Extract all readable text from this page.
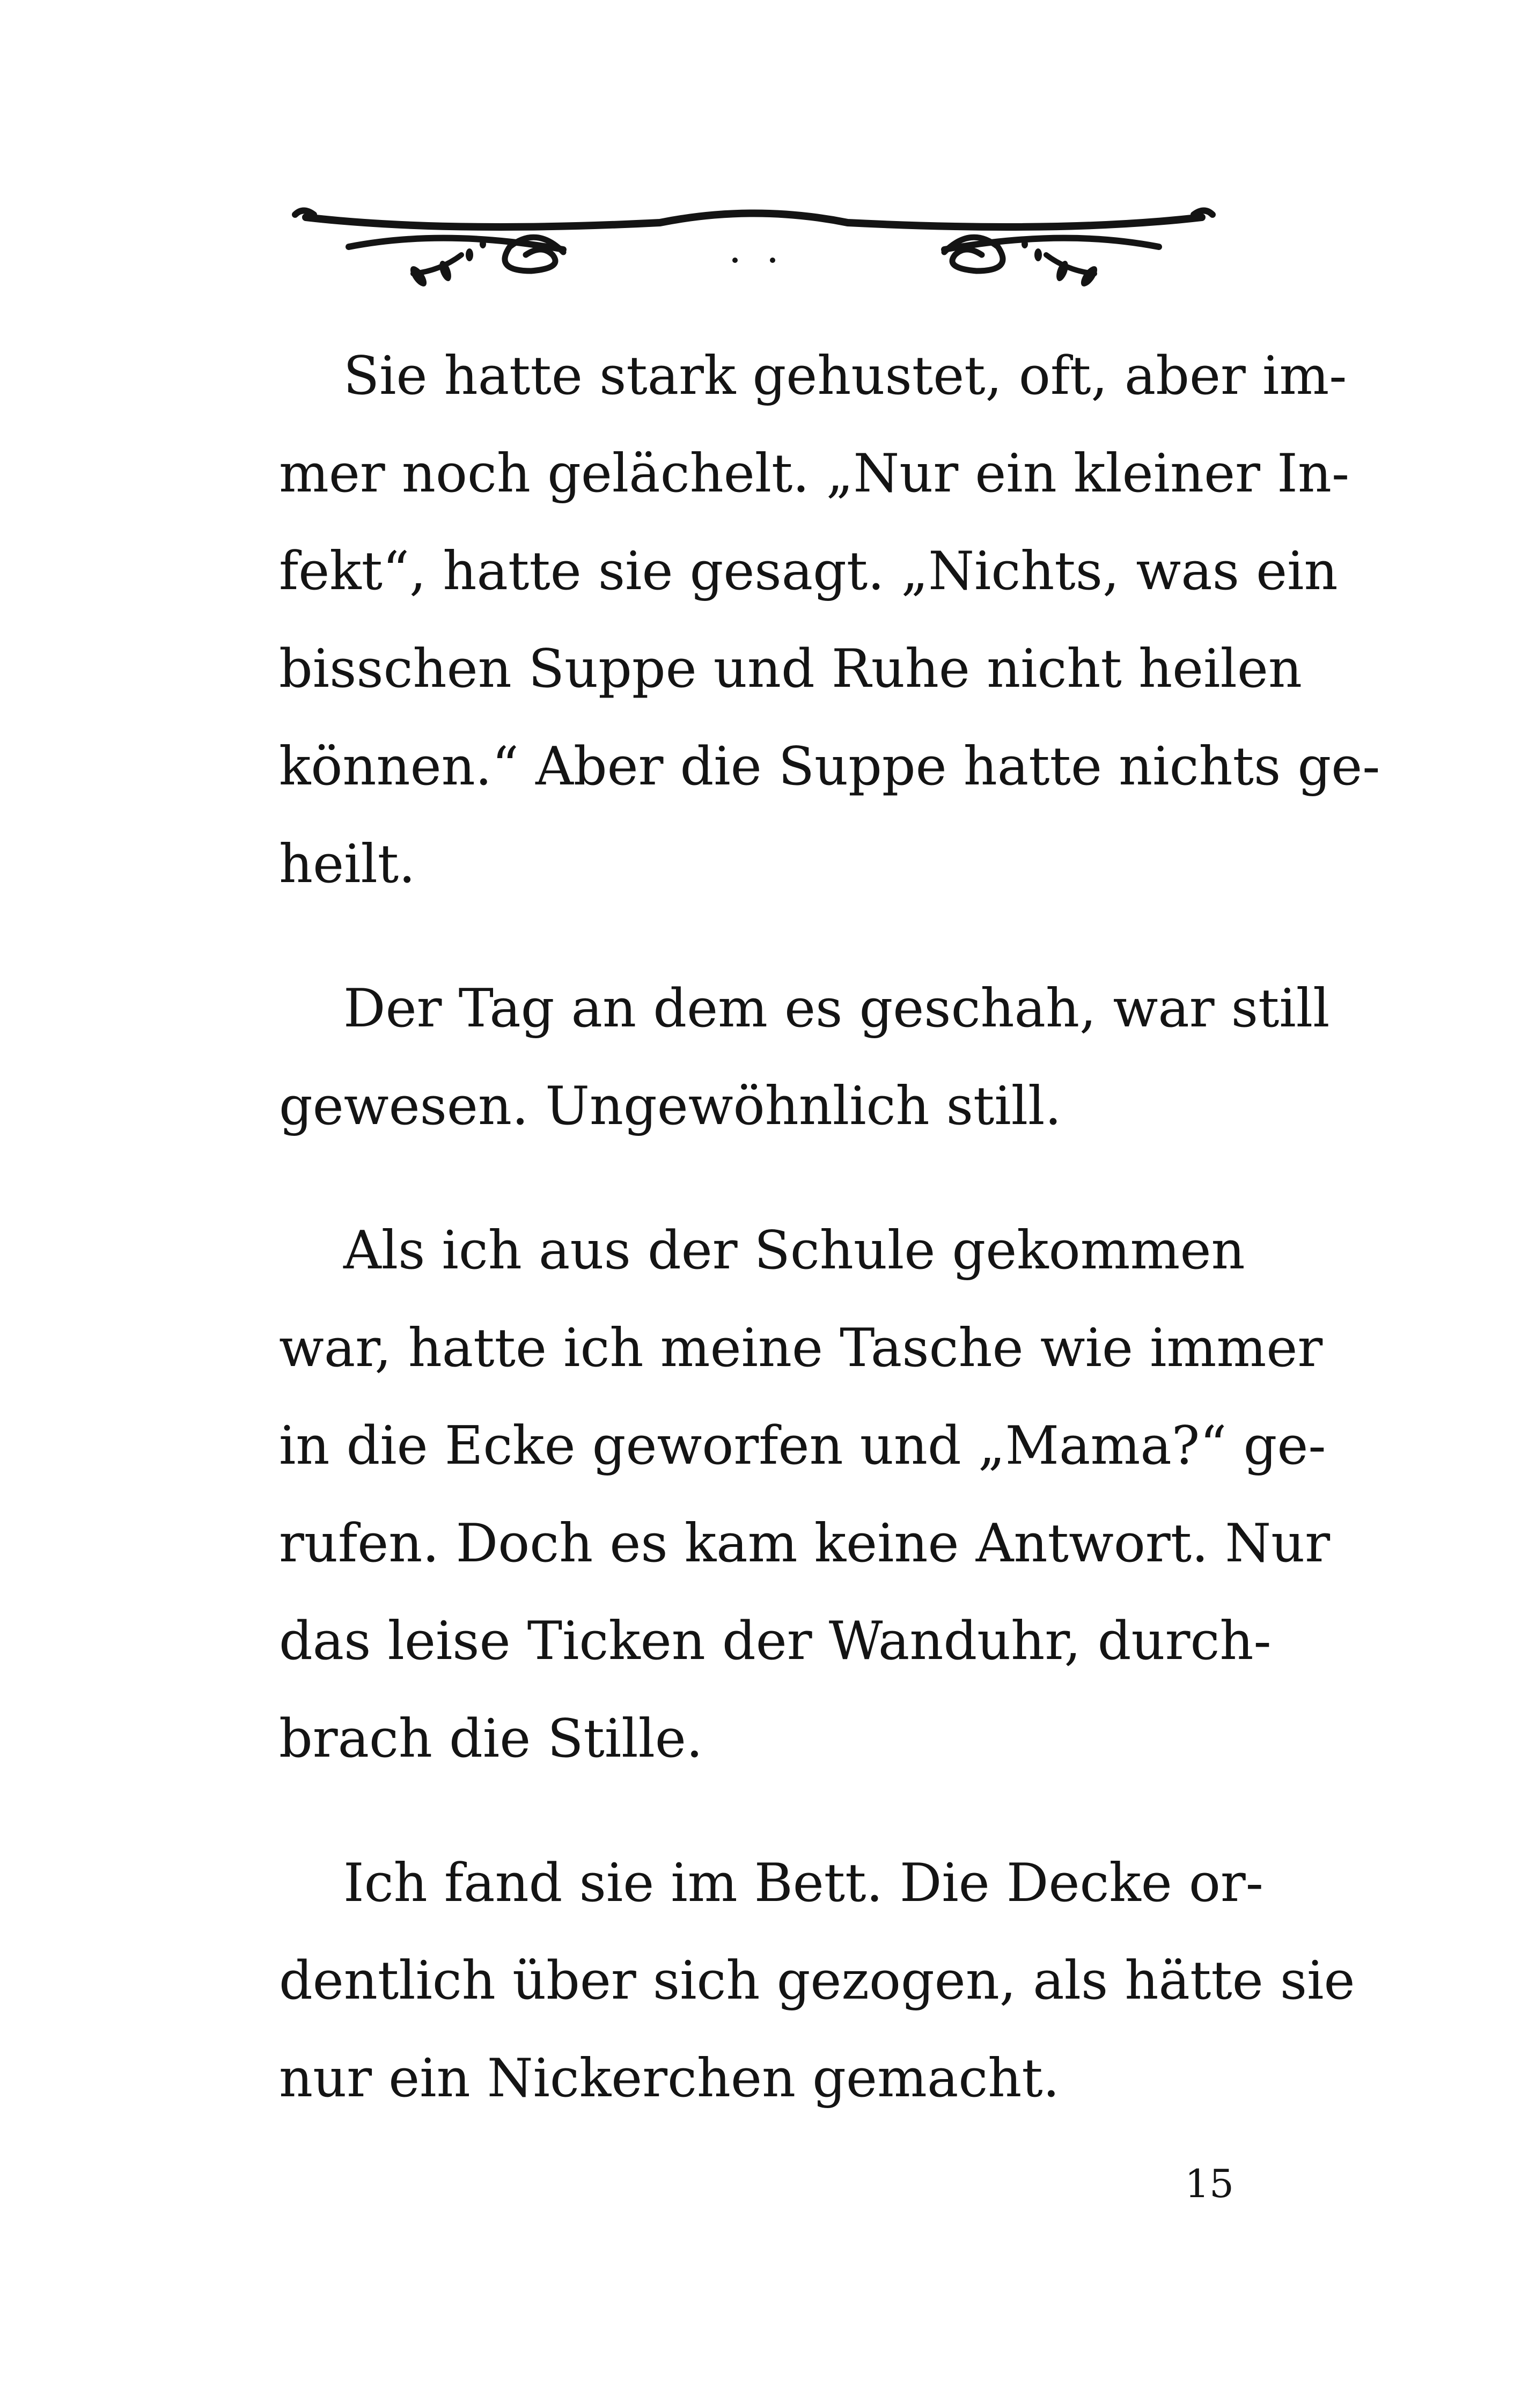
Sie hatte stark gehustet, oft, aber im-
mer noch gelächelt. „Nur ein kleiner In-
fekt“, hatte sie gesagt. „Nichts, was ein
bisschen Suppe und Ruhe nicht heilen
können.“ Aber die Suppe hatte nichts ge-
heilt.

Der Tag an dem es geschah, war still
gewesen. Ungewöhnlich still.

Als ich aus der Schule gekommen
war, hatte ich meine Tasche wie immer
in die Ecke geworfen und „Mama?“ ge-
rufen. Doch es kam keine Antwort. Nur
das leise Ticken der Wanduhr, durch-
brach die Stille.

Ich fand sie im Bett. Die Decke or-
dentlich über sich gezogen, als hätte sie
nur ein Nickerchen gemacht.

15
